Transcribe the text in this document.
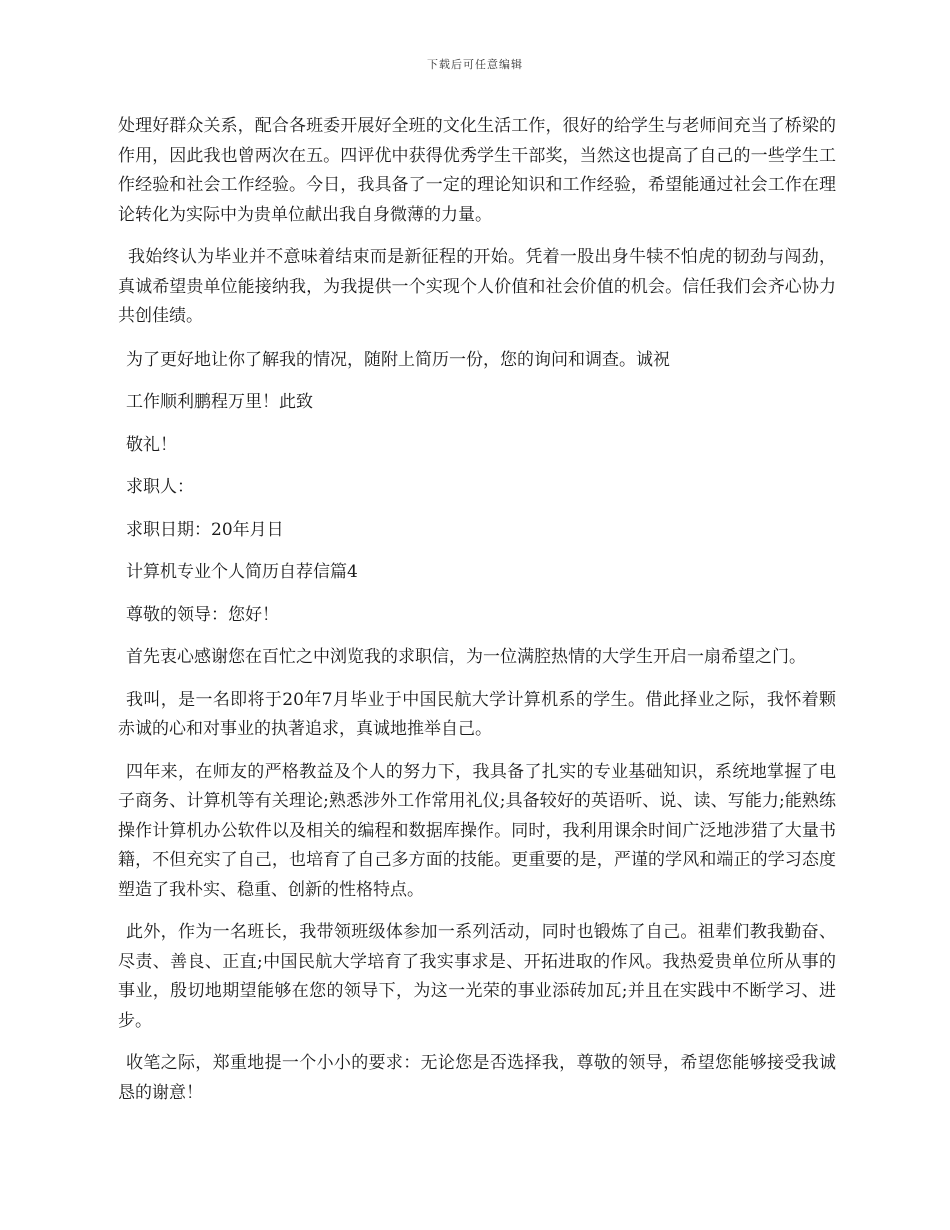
下载后可任意编辑

处理好群众关系，配合各班委开展好全班的文化生活工作，很好的给学生与老师间充当了桥梁的作用，因此我也曾两次在五。四评优中获得优秀学生干部奖，当然这也提高了自己的一些学生工作经验和社会工作经验。今日，我具备了一定的理论知识和工作经验，希望能通过社会工作在理论转化为实际中为贵单位献出我自身微薄的力量。

我始终认为毕业并不意味着结束而是新征程的开始。凭着一股出身牛犊不怕虎的韧劲与闯劲，真诚希望贵单位能接纳我，为我提供一个实现个人价值和社会价值的机会。信任我们会齐心协力共创佳绩。

为了更好地让你了解我的情况，随附上简历一份，您的询问和调查。诚祝

工作顺利鹏程万里！此致

敬礼！

求职人：

求职日期：20年月日

计算机专业个人简历自荐信篇4

尊敬的领导：您好！

首先衷心感谢您在百忙之中浏览我的求职信，为一位满腔热情的大学生开启一扇希望之门。

我叫，是一名即将于20年7月毕业于中国民航大学计算机系的学生。借此择业之际，我怀着颗赤诚的心和对事业的执著追求，真诚地推举自己。

四年来，在师友的严格教益及个人的努力下，我具备了扎实的专业基础知识，系统地掌握了电子商务、计算机等有关理论;熟悉涉外工作常用礼仪;具备较好的英语听、说、读、写能力;能熟练操作计算机办公软件以及相关的编程和数据库操作。同时，我利用课余时间广泛地涉猎了大量书籍，不但充实了自己，也培育了自己多方面的技能。更重要的是，严谨的学风和端正的学习态度塑造了我朴实、稳重、创新的性格特点。

此外，作为一名班长，我带领班级体参加一系列活动，同时也锻炼了自己。祖辈们教我勤奋、尽责、善良、正直;中国民航大学培育了我实事求是、开拓进取的作风。我热爱贵单位所从事的事业，殷切地期望能够在您的领导下，为这一光荣的事业添砖加瓦;并且在实践中不断学习、进步。

收笔之际，郑重地提一个小小的要求：无论您是否选择我，尊敬的领导，希望您能够接受我诚恳的谢意！
